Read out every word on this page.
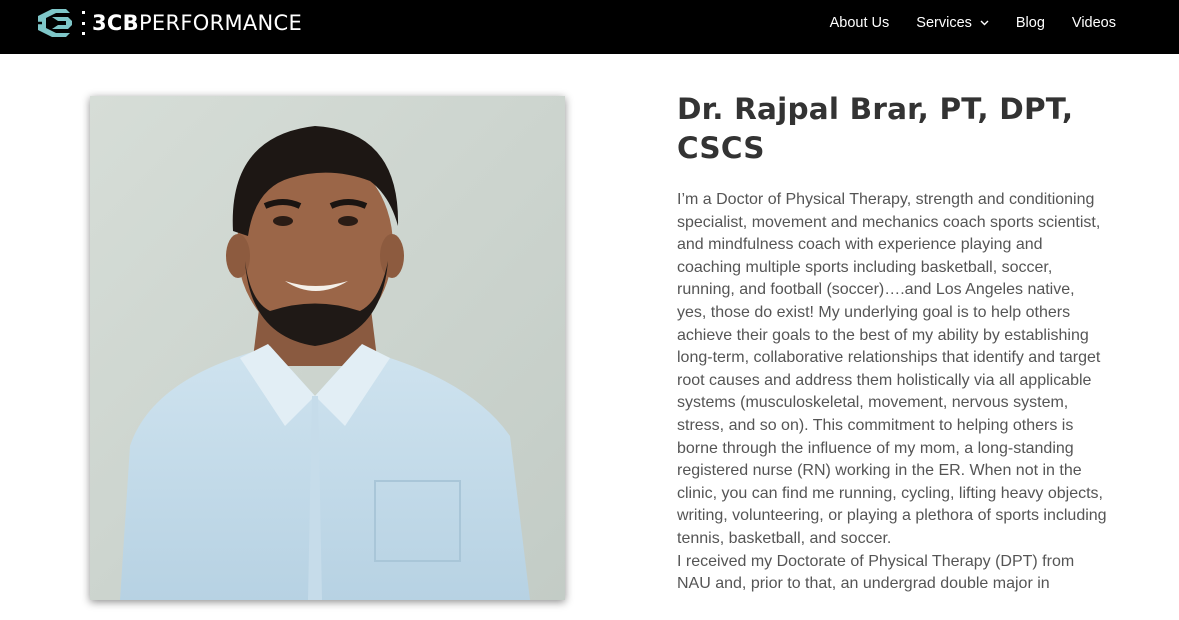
3CBPERFORMANCE	About Us Services	Blog Videos
Dr. Rajpal Brar, PT, DPT, CSCS

I’m a Doctor of Physical Therapy, strength and conditioning specialist, movement and mechanics coach sports scientist, and mindfulness coach with experience playing and coaching multiple sports including basketball, soccer, running, and football (soccer)….and Los Angeles native, yes, those do exist! My underlying goal is to help others achieve their goals to the best of my ability by establishing long-term, collaborative relationships that identify and target root causes and address them holistically via all applicable systems (musculoskeletal, movement, nervous system, stress, and so on). This commitment to helping others is borne through the influence of my mom, a long-standing registered nurse (RN) working in the ER. When not in the clinic, you can find me running, cycling, lifting heavy objects, writing, volunteering, or playing a plethora of sports including tennis, basketball, and soccer.

I received my Doctorate of Physical Therapy (DPT) from NAU and, prior to that, an undergrad double major in
